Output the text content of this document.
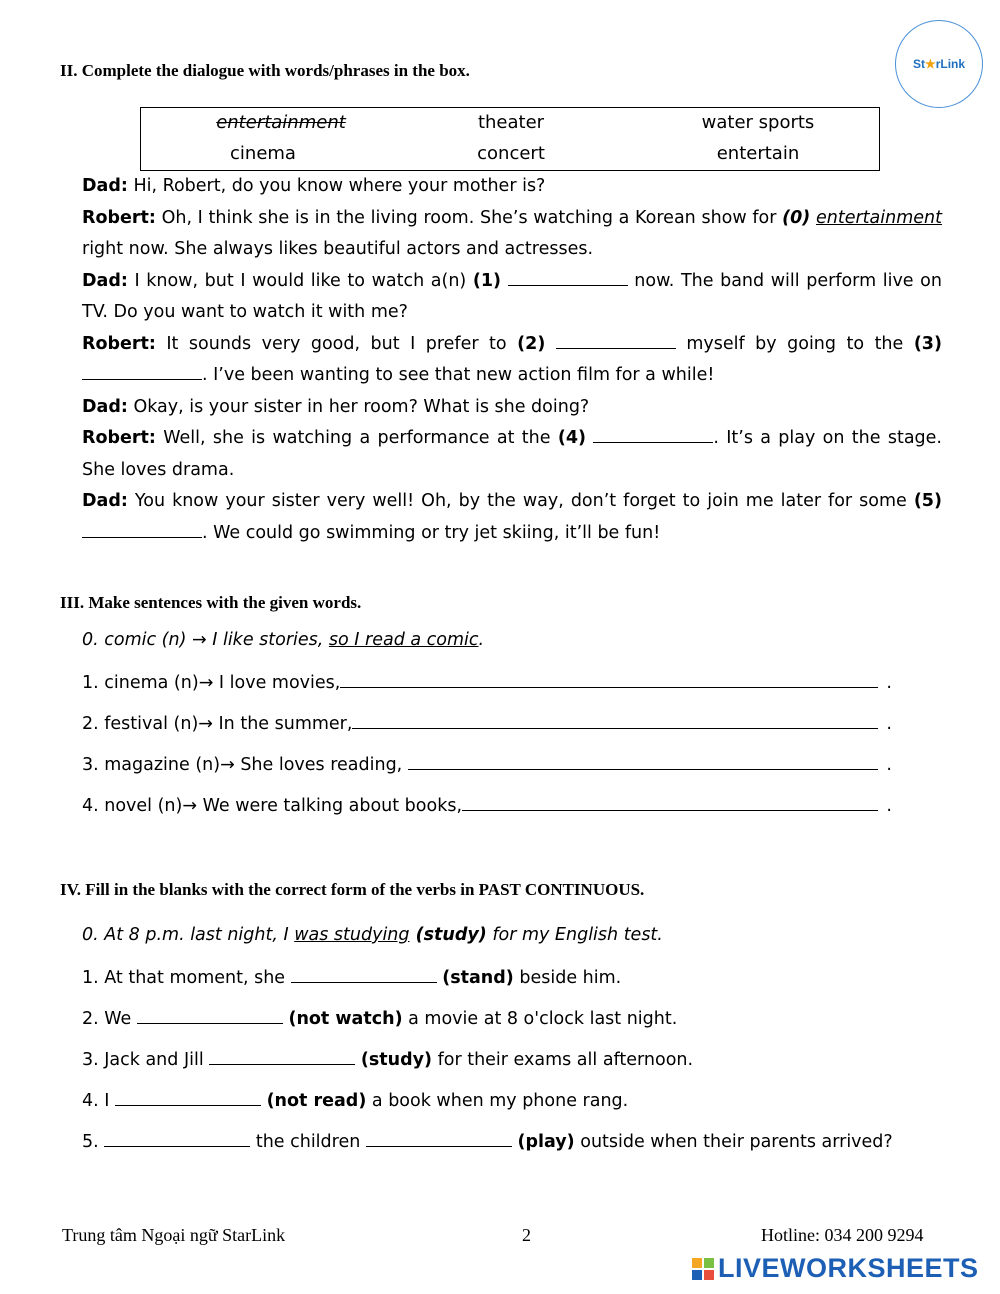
St ★ rLink
II. Complete the dialogue with words/phrases in the box.
entertainment	theater	water sports
cinema	concert	entertain

Dad: Hi, Robert, do you know where your mother is?

Robert: Oh, I think she is in the living room. She’s watching a Korean show for (0) entertainment right now. She always likes beautiful actors and actresses.

Dad: I know, but I would like to watch a(n) (1)	now. The band will perform live on TV. Do you want to watch it with me?

Robert: It sounds very good, but I prefer to (2)	myself by going to the (3) . I’ve been wanting to see that new action film for a while!

Dad: Okay, is your sister in her room? What is she doing?

Robert: Well, she is watching a performance at the (4)	. It’s a play on the stage. She loves drama.

Dad: You know your sister very well! Oh, by the way, don’t forget to join me later for some (5) . We could go swimming or try jet skiing, it’ll be fun!

III. Make sentences with the given words.
0. comic (n) → I like stories, so I read a comic.
1. cinema (n) → I love movies,	.
2. festival (n) → In the summer,	.
3. magazine (n) → She loves reading,	.
4. novel (n) → We were talking about books,	.
IV. Fill in the blanks with the correct form of the verbs in PAST CONTINUOUS.
0. At 8 p.m. last night, I was studying (study) for my English test.
1. At that moment, she	(stand) beside him.
2. We	(not watch) a movie at 8 o'clock last night.
3. Jack and Jill	(study) for their exams all afternoon.
4. I	(not read) a book when my phone rang.
5.	the children	(play) outside when their parents arrived?
Trung tâm Ngoại ngữ StarLink	2	Hotline: 034 200 9294
LIVEWORKSHEETS
